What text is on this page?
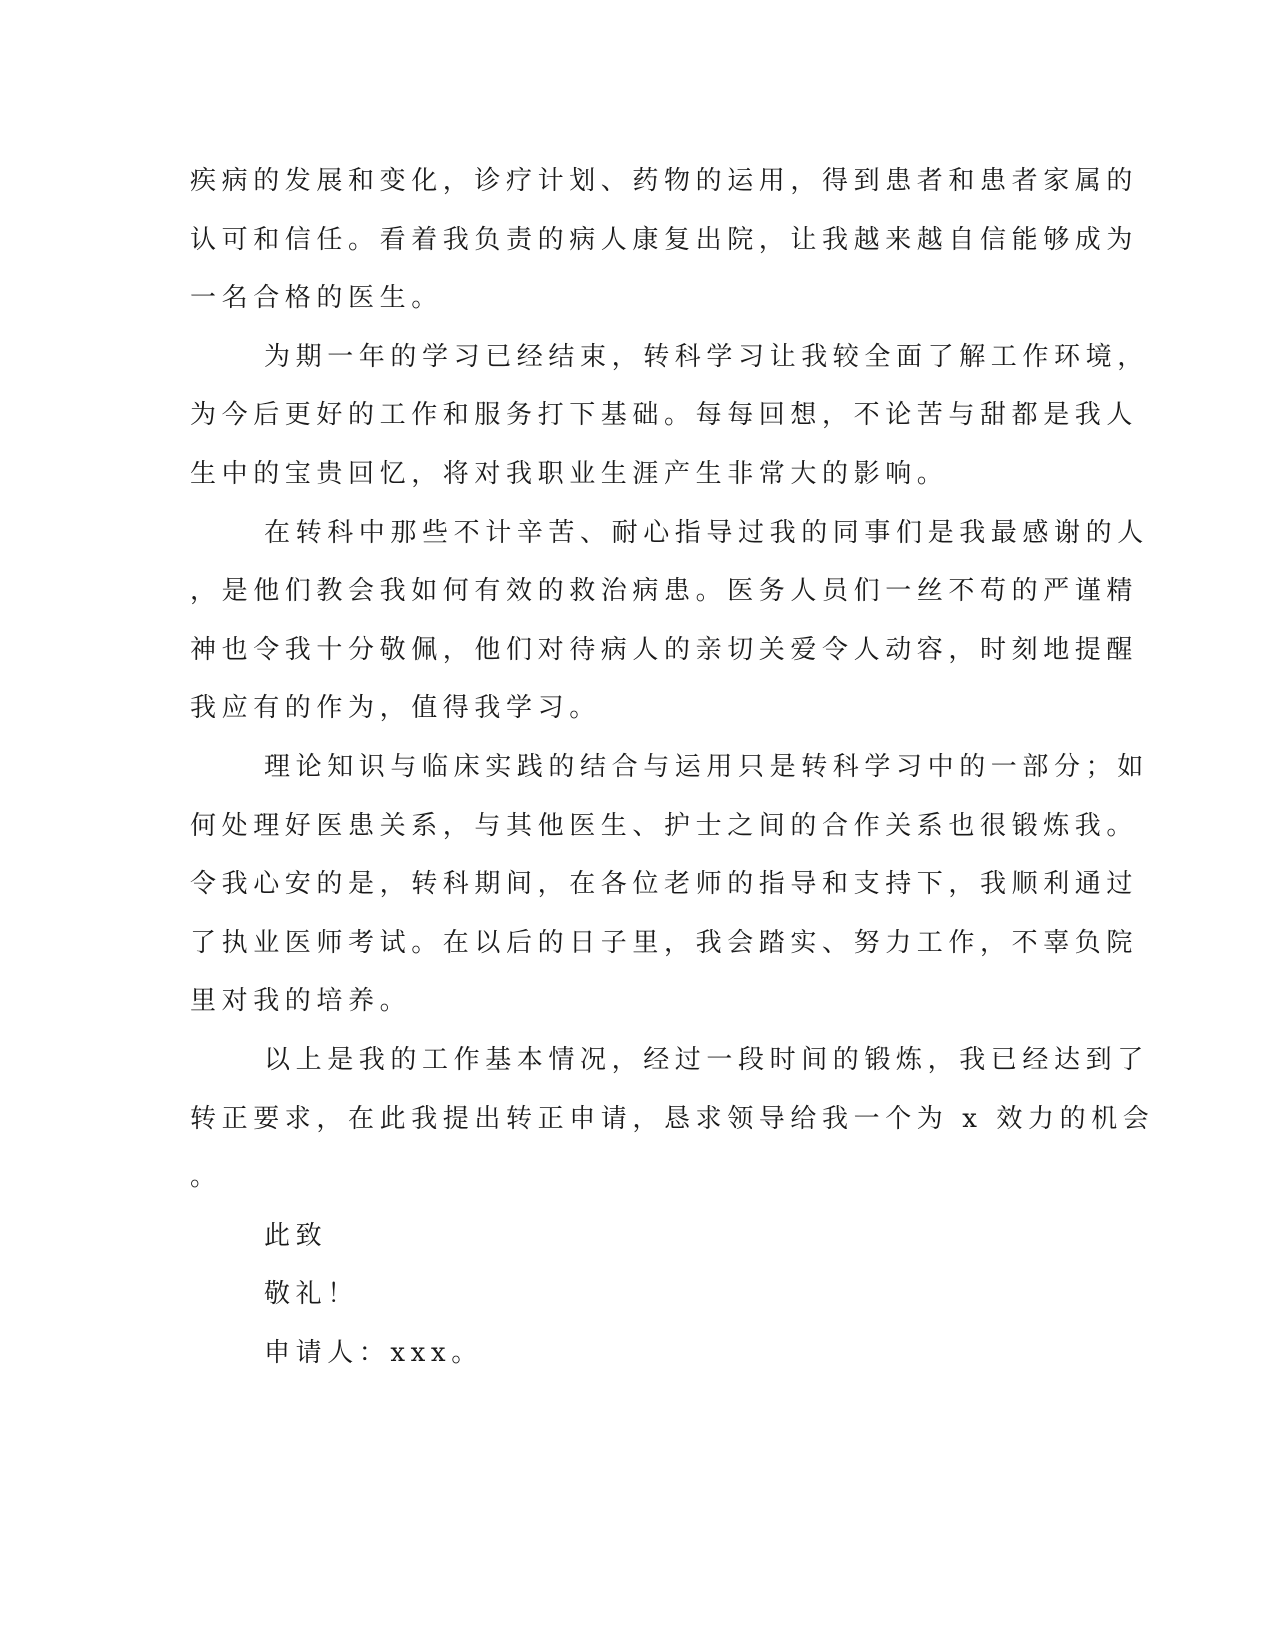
疾病的发展和变化，诊疗计划、药物的运用，得到患者和患者家属的
认可和信任。看着我负责的病人康复出院，让我越来越自信能够成为
一名合格的医生。
为期一年的学习已经结束，转科学习让我较全面了解工作环境，
为今后更好的工作和服务打下基础。每每回想，不论苦与甜都是我人
生中的宝贵回忆，将对我职业生涯产生非常大的影响。
在转科中那些不计辛苦、耐心指导过我的同事们是我最感谢的人
，是他们教会我如何有效的救治病患。医务人员们一丝不苟的严谨精
神也令我十分敬佩，他们对待病人的亲切关爱令人动容，时刻地提醒
我应有的作为，值得我学习。
理论知识与临床实践的结合与运用只是转科学习中的一部分；如
何处理好医患关系，与其他医生、护士之间的合作关系也很锻炼我。
令我心安的是，转科期间，在各位老师的指导和支持下，我顺利通过
了执业医师考试。在以后的日子里，我会踏实、努力工作，不辜负院
里对我的培养。
以上是我的工作基本情况，经过一段时间的锻炼，我已经达到了
转正要求，在此我提出转正申请，恳求领导给我一个为 x 效力的机会
。
此致
敬礼！
申请人：xxx。
